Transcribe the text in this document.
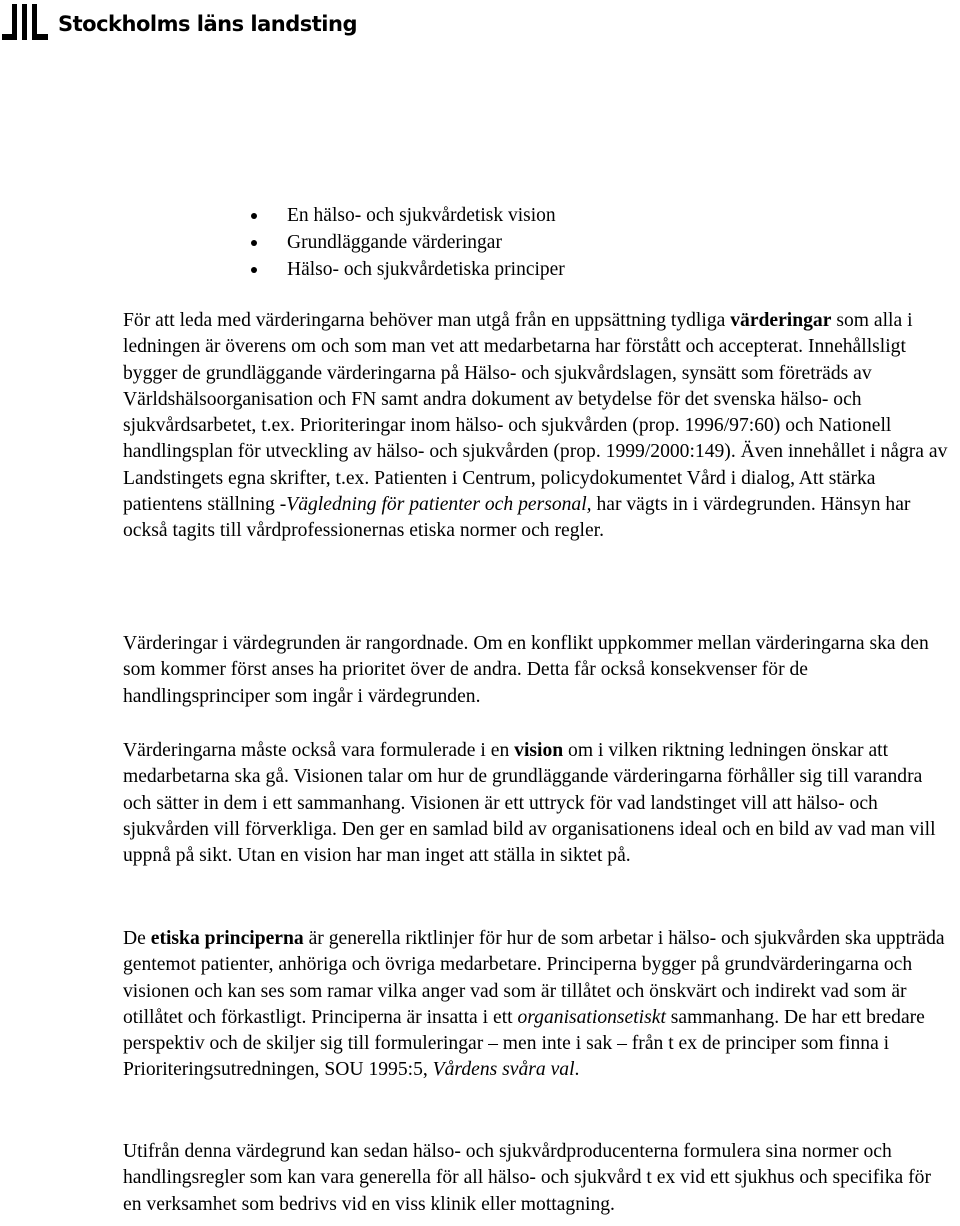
Stockholms läns landsting
En hälso- och sjukvårdetisk vision
Grundläggande värderingar
Hälso- och sjukvårdetiska principer

För att leda med värderingarna behöver man utgå från en uppsättning tydliga värderingar som alla i ledningen är överens om och som man vet att medarbetarna har förstått och accepterat. Innehållsligt bygger de grundläggande värderingarna på Hälso- och sjukvårdslagen, synsätt som företräds av Världshälsoorganisation och FN samt andra dokument av betydelse för det svenska hälso- och sjukvårdsarbetet, t.ex. Prioriteringar inom hälso- och sjukvården (prop. 1996/97:60) och Nationell handlingsplan för utveckling av hälso- och sjukvården (prop. 1999/2000:149). Även innehållet i några av Landstingets egna skrifter, t.ex. Patienten i Centrum, policydokumentet Vård i dialog, Att stärka patientens ställning -Vägledning för patienter och personal, har vägts in i värdegrunden. Hänsyn har också tagits till vårdprofessionernas etiska normer och regler.

Värderingar i värdegrunden är rangordnade. Om en konflikt uppkommer mellan värderingarna ska den som kommer först anses ha prioritet över de andra. Detta får också konsekvenser för de handlingsprinciper som ingår i värdegrunden.

Värderingarna måste också vara formulerade i en vision om i vilken riktning ledningen önskar att medarbetarna ska gå. Visionen talar om hur de grundläggande värderingarna förhåller sig till varandra och sätter in dem i ett sammanhang. Visionen är ett uttryck för vad landstinget vill att hälso- och sjukvården vill förverkliga. Den ger en samlad bild av organisationens ideal och en bild av vad man vill uppnå på sikt. Utan en vision har man inget att ställa in siktet på.

De etiska principerna är generella riktlinjer för hur de som arbetar i hälso- och sjukvården ska uppträda gentemot patienter, anhöriga och övriga medarbetare. Principerna bygger på grundvärderingarna och visionen och kan ses som ramar vilka anger vad som är tillåtet och önskvärt och indirekt vad som är otillåtet och förkastligt. Principerna är insatta i ett organisationsetiskt sammanhang. De har ett bredare perspektiv och de skiljer sig till formuleringar – men inte i sak – från t ex de principer som finna i Prioriteringsutredningen, SOU 1995:5, Vårdens svåra val.

Utifrån denna värdegrund kan sedan hälso- och sjukvårdproducenterna formulera sina normer och handlingsregler som kan vara generella för all hälso- och sjukvård t ex vid ett sjukhus och specifika för en verksamhet som bedrivs vid en viss klinik eller mottagning.
